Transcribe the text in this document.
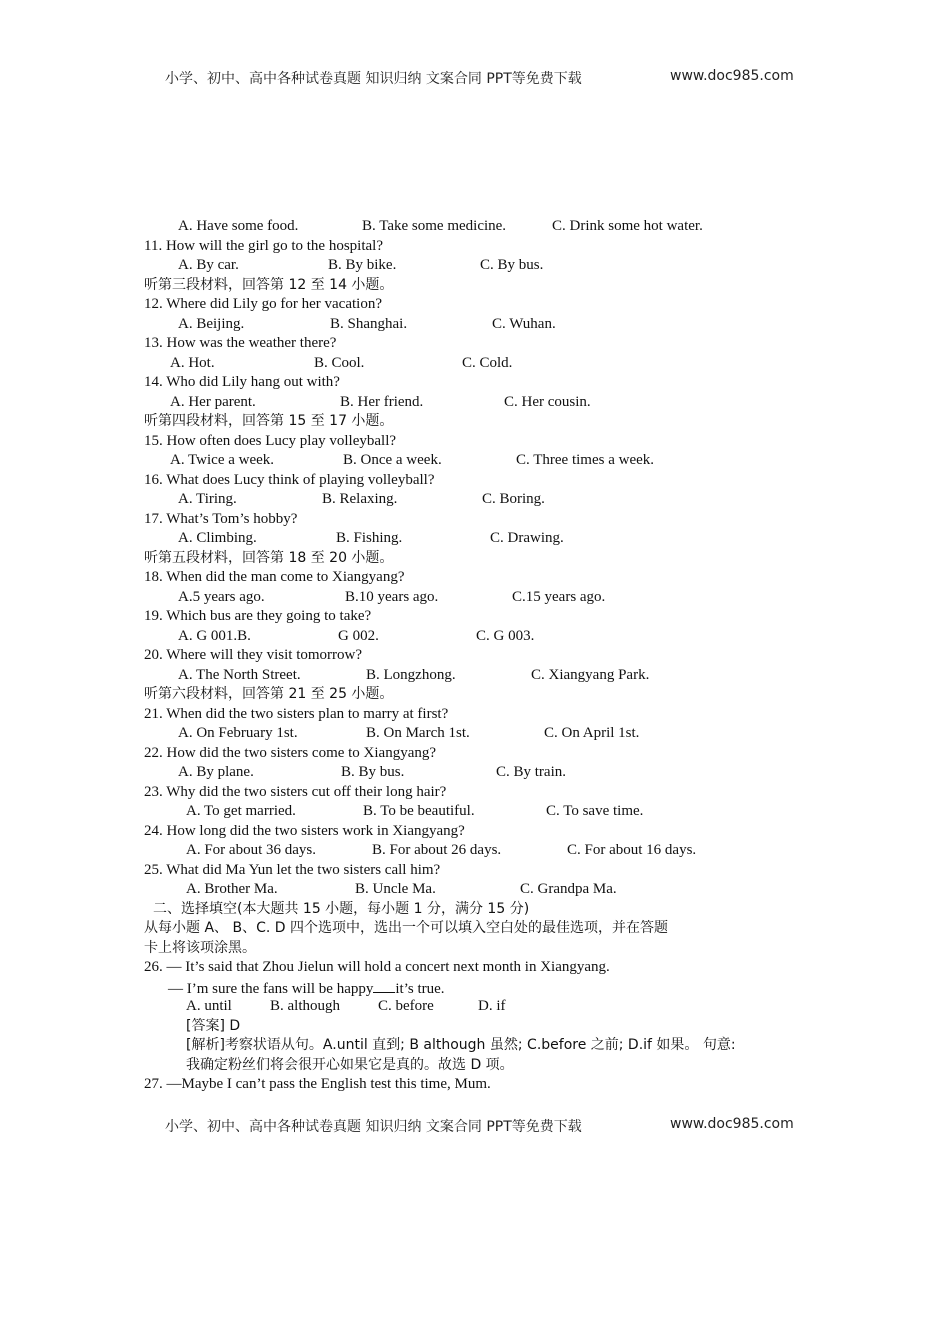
小学、初中、高中各种试卷真题 知识归纳 文案合同 PPT等免费下载	www.doc985.com
A. Have some food.	B. Take some medicine.	C. Drink some hot water.
11. How will the girl go to the hospital?
A. By car.	B. By bike.	C. By bus.
听第三段材料，回答第 12 至 14 小题。
12. Where did Lily go for her vacation?
A. Beijing.	B. Shanghai.	C. Wuhan.
13. How was the weather there?
A. Hot.	B. Cool.	C. Cold.
14. Who did Lily hang out with?
A. Her parent.	B. Her friend.	C. Her cousin.
听第四段材料，回答第 15 至 17 小题。
15. How often does Lucy play volleyball?
A. Twice a week.	B. Once a week.	C. Three times a week.
16. What does Lucy think of playing volleyball?
A. Tiring.	B. Relaxing.	C. Boring.
17. What’s Tom’s hobby?
A. Climbing.	B. Fishing.	C. Drawing.
听第五段材料，回答第 18 至 20 小题。
18. When did the man come to Xiangyang?
A.5 years ago.	B.10 years ago.	C.15 years ago.
19. Which bus are they going to take?
A. G 001.B.	G 002.	C. G 003.
20. Where will they visit tomorrow?
A. The North Street.	B. Longzhong.	C. Xiangyang Park.
听第六段材料，回答第 21 至 25 小题。
21. When did the two sisters plan to marry at first?
A. On February 1st.	B. On March 1st.	C. On April 1st.
22. How did the two sisters come to Xiangyang?
A. By plane.	B. By bus.	C. By train.
23. Why did the two sisters cut off their long hair?
A. To get married.	B. To be beautiful.	C. To save time.
24. How long did the two sisters work in Xiangyang?
A. For about 36 days.	B. For about 26 days.	C. For about 16 days.
25. What did Ma Yun let the two sisters call him?
A. Brother Ma.	B. Uncle Ma.	C. Grandpa Ma.
二、选择填空(本大题共 15 小题，每小题 1 分，满分 15 分)
从每小题 A、 B、C. D 四个选项中，选出一个可以填入空白处的最佳选项，并在答题
卡上将该项涂黑。
26. — It’s said that Zhou Jielun will hold a concert next month in Xiangyang.
— I’m sure the fans will be happy it’s true.
A. until	B. although	C. before	D. if
[答案] D
[解析]考察状语从句。A.until 直到; B although 虽然; C.before 之前; D.if 如果。 句意:
我确定粉丝们将会很开心如果它是真的。故选 D 项。
27. —Maybe I can’t pass the English test this time, Mum.
小学、初中、高中各种试卷真题 知识归纳 文案合同 PPT等免费下载	www.doc985.com
